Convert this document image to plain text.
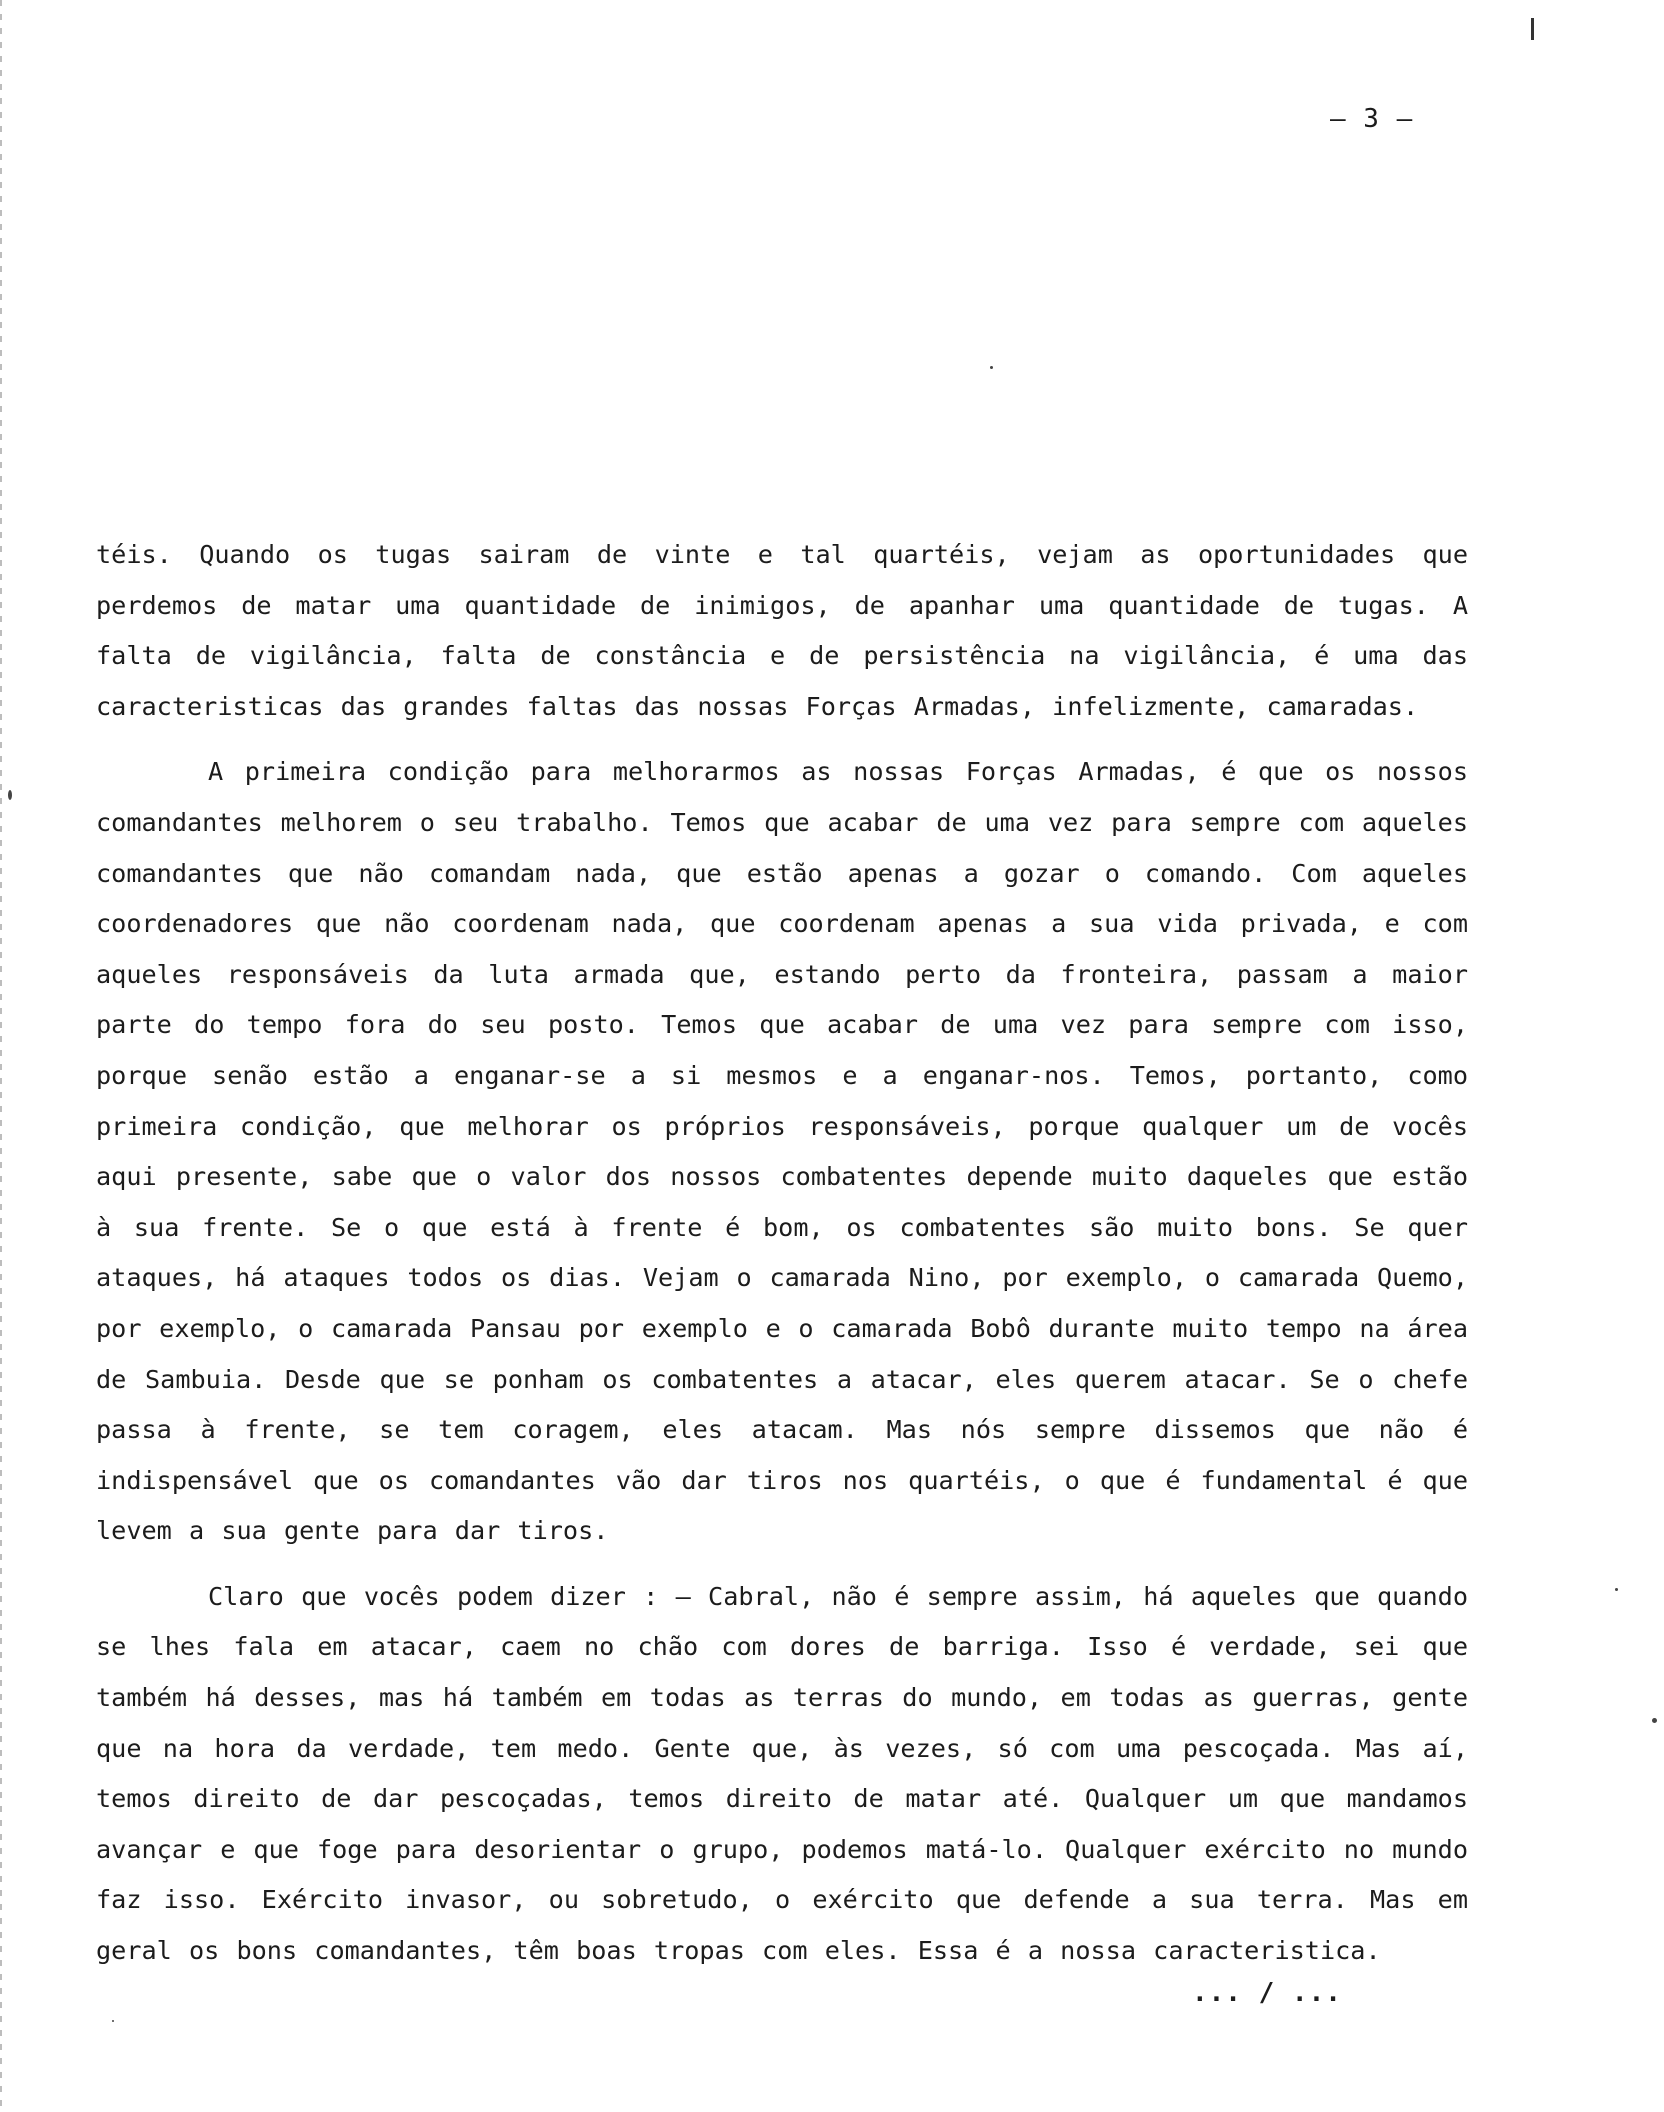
– 3 –

téis. Quando os tugas sairam de vinte e tal quartéis, vejam as oportunidades que perdemos de matar uma quantidade de inimigos, de apanhar uma quantidade de tugas. A falta de vigilância, falta de constância e de persistência na vigilância, é uma das caracteristicas das grandes faltas das nossas Forças Armadas, infelizmente, camaradas.

A primeira condição para melhorarmos as nossas Forças Armadas, é que os nossos comandantes melhorem o seu trabalho. Temos que acabar de uma vez para sempre com aqueles comandantes que não comandam nada, que estão apenas a gozar o comando. Com aqueles coordenadores que não coordenam nada, que coordenam apenas a sua vida privada, e com aqueles responsáveis da luta armada que, estando perto da fronteira, passam a maior parte do tempo fora do seu posto. Temos que acabar de uma vez para sempre com isso, porque senão estão a enganar-se a si mesmos e a enganar-nos. Temos, portanto, como primeira condição, que melhorar os próprios responsáveis, porque qualquer um de vocês aqui presente, sabe que o valor dos nossos combatentes depende muito daqueles que estão à sua frente. Se o que está à frente é bom, os combatentes são muito bons. Se quer ataques, há ataques todos os dias. Vejam o camarada Nino, por exemplo, o camarada Quemo, por exemplo, o camarada Pansau por exemplo e o camarada Bobô durante muito tempo na área de Sambuia. Desde que se ponham os combatentes a atacar, eles querem atacar. Se o chefe passa à frente, se tem coragem, eles atacam. Mas nós sempre dissemos que não é indispensável que os comandantes vão dar tiros nos quartéis, o que é fundamental é que levem a sua gente para dar tiros.

Claro que vocês podem dizer : – Cabral, não é sempre assim, há aqueles que quando se lhes fala em atacar, caem no chão com dores de barriga. Isso é verdade, sei que também há desses, mas há também em todas as terras do mundo, em todas as guerras, gente que na hora da verdade, tem medo. Gente que, às vezes, só com uma pescoçada. Mas aí, temos direito de dar pescoçadas, temos direito de matar até. Qualquer um que mandamos avançar e que foge para desorientar o grupo, podemos matá-lo. Qualquer exército no mundo faz isso. Exército invasor, ou sobretudo, o exército que defende a sua terra. Mas em geral os bons comandantes, têm boas tropas com eles. Essa é a nossa caracteristica.

... / ...
